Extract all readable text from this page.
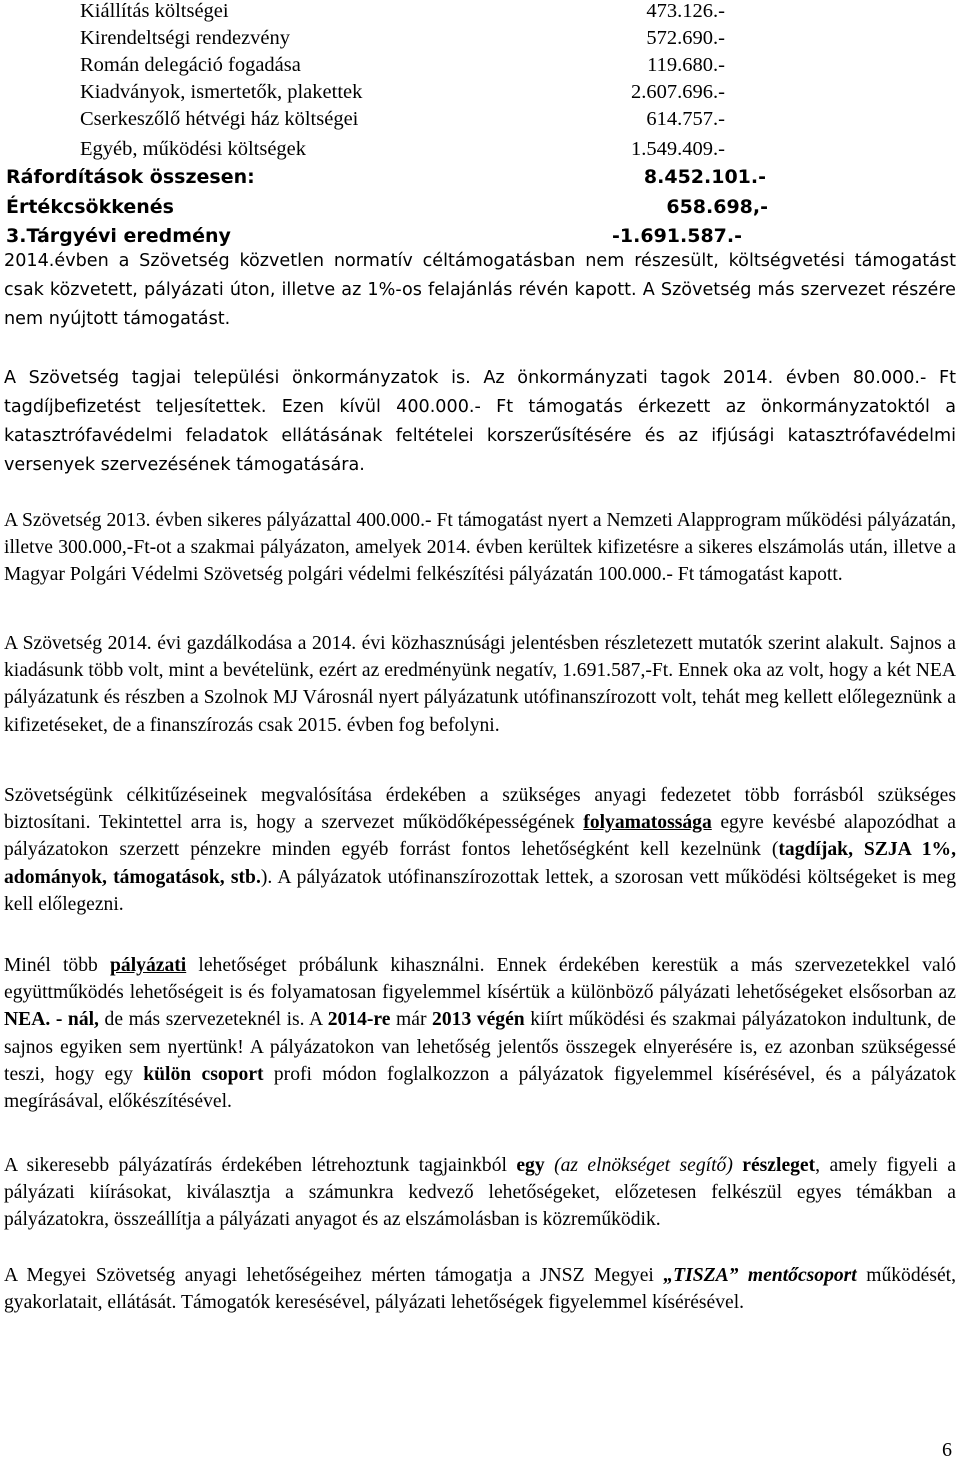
Kiállítás költségei	473.126.-
Kirendeltségi rendezvény	572.690.-
Román delegáció fogadása	119.680.-
Kiadványok, ismertetők, plakettek	2.607.696.-
Cserkeszőlő hétvégi ház költségei	614.757.-
Egyéb, működési költségek	1.549.409.-
Ráfordítások összesen:	8.452.101.-
Értékcsökkenés	658.698,-
3.Tárgyévi eredmény	-1.691.587.-

2014.évben a Szövetség közvetlen normatív céltámogatásban nem részesült, költségvetési támogatást csak közvetett, pályázati úton, illetve az 1%-os felajánlás révén kapott. A Szövetség más szervezet részére nem nyújtott támogatást.

A Szövetség tagjai települési önkormányzatok is. Az önkormányzati tagok 2014. évben 80.000.- Ft tagdíjbefizetést teljesítettek. Ezen kívül 400.000.- Ft támogatás érkezett az önkormányzatoktól a katasztrófavédelmi feladatok ellátásának feltételei korszerűsítésére és az ifjúsági katasztrófavédelmi versenyek szervezésének támogatására.

A Szövetség 2013. évben sikeres pályázattal 400.000.- Ft támogatást nyert a Nemzeti Alapprogram működési pályázatán, illetve 300.000,-Ft-ot a szakmai pályázaton, amelyek 2014. évben kerültek kifizetésre a sikeres elszámolás után, illetve a Magyar Polgári Védelmi Szövetség polgári védelmi felkészítési pályázatán 100.000.- Ft támogatást kapott.

A Szövetség 2014. évi gazdálkodása a 2014. évi közhasznúsági jelentésben részletezett mutatók szerint alakult. Sajnos a kiadásunk több volt, mint a bevételünk, ezért az eredményünk negatív, 1.691.587,-Ft. Ennek oka az volt, hogy a két NEA pályázatunk és részben a Szolnok MJ Városnál nyert pályázatunk utófinanszírozott volt, tehát meg kellett előlegeznünk a kifizetéseket, de a finanszírozás csak 2015. évben fog befolyni.

Szövetségünk célkitűzéseinek megvalósítása érdekében a szükséges anyagi fedezetet több forrásból szükséges biztosítani. Tekintettel arra is, hogy a szervezet működőképességének folyamatossága egyre kevésbé alapozódhat a pályázatokon szerzett pénzekre minden egyéb forrást fontos lehetőségként kell kezelnünk (tagdíjak, SZJA 1%, adományok, támogatások, stb.). A pályázatok utófinanszírozottak lettek, a szorosan vett működési költségeket is meg kell előlegezni.

Minél több pályázati lehetőséget próbálunk kihasználni. Ennek érdekében kerestük a más szervezetekkel való együttműködés lehetőségeit is és folyamatosan figyelemmel kísértük a különböző pályázati lehetőségeket elsősorban az NEA. - nál, de más szervezeteknél is. A 2014-re már 2013 végén kiírt működési és szakmai pályázatokon indultunk, de sajnos egyiken sem nyertünk! A pályázatokon van lehetőség jelentős összegek elnyerésére is, ez azonban szükségessé teszi, hogy egy külön csoport profi módon foglalkozzon a pályázatok figyelemmel kísérésével, és a pályázatok megírásával, előkészítésével.

A sikeresebb pályázatírás érdekében létrehoztunk tagjainkból egy (az elnökséget segítő) részleget, amely figyeli a pályázati kiírásokat, kiválasztja a számunkra kedvező lehetőségeket, előzetesen felkészül egyes témákban a pályázatokra, összeállítja a pályázati anyagot és az elszámolásban is közreműködik.

A Megyei Szövetség anyagi lehetőségeihez mérten támogatja a JNSZ Megyei „TISZA” mentőcsoport működését, gyakorlatait, ellátását. Támogatók keresésével, pályázati lehetőségek figyelemmel kísérésével.

6
